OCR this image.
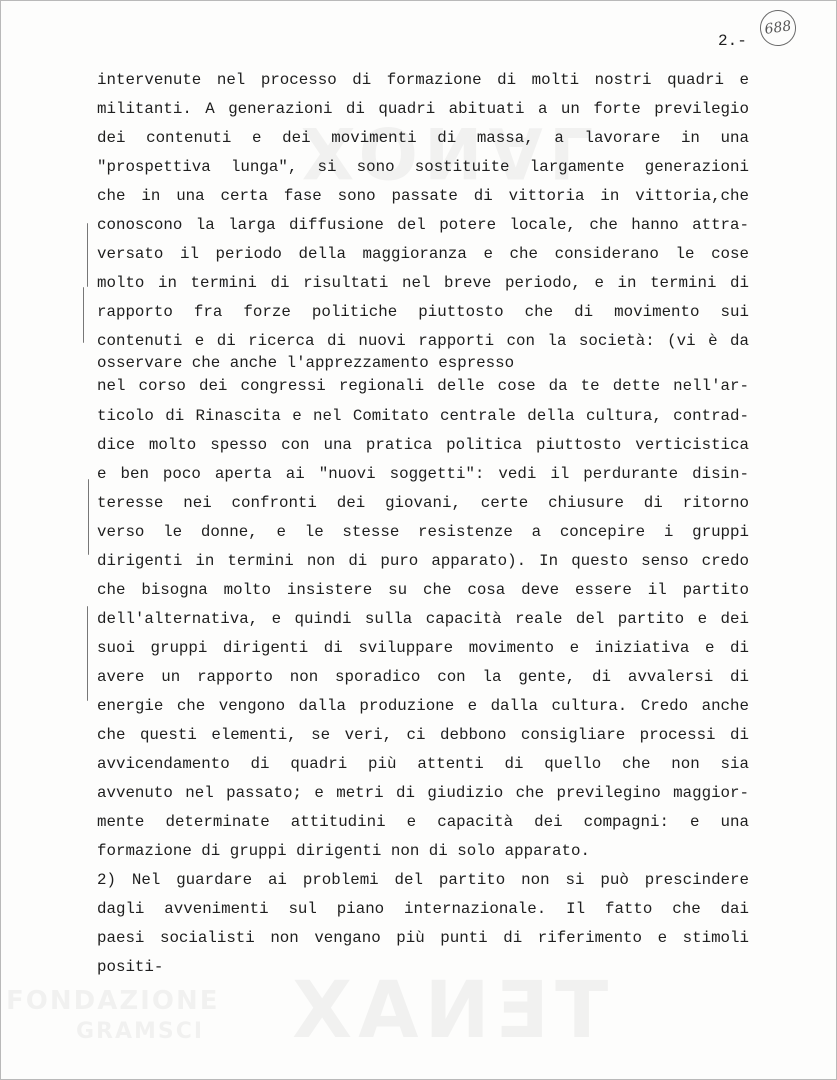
688
2.-
intervenute nel processo di formazione di molti nostri quadri e
militanti. A generazioni di quadri abituati a un forte previlegio
dei contenuti e dei movimenti di massa, a lavorare in una
"prospettiva lunga", si sono sostituite largamente generazioni
che in una certa fase sono passate di vittoria in vittoria,che
conoscono la larga diffusione del potere locale, che hanno attra-
versato il periodo della maggioranza e che considerano le cose
molto in termini di risultati nel breve periodo, e in termini di
rapporto fra forze politiche piuttosto che di movimento sui
contenuti e di ricerca di nuovi rapporti con la società: (vi è da
osservare che anche l'apprezzamento espresso
nel corso dei congressi regionali delle cose da te dette nell'ar-
ticolo di Rinascita e nel Comitato centrale della cultura, contrad-
dice molto spesso con una pratica politica piuttosto verticistica
e ben poco aperta ai "nuovi soggetti": vedi il perdurante disin-
teresse nei confronti dei giovani, certe chiusure di ritorno
verso le donne, e le stesse resistenze a concepire i gruppi
dirigenti in termini non di puro apparato). In questo senso credo
che bisogna molto insistere su che cosa deve essere il partito
dell'alternativa, e quindi sulla capacità reale del partito e dei
suoi gruppi dirigenti di sviluppare movimento e iniziativa e di
avere un rapporto non sporadico con la gente, di avvalersi di
energie che vengono dalla produzione e dalla cultura. Credo anche
che questi elementi, se veri, ci debbono consigliare processi di
avvicendamento di quadri più attenti di quello che non sia
avvenuto nel passato; e metri di giudizio che previlegino maggior-
mente determinate attitudini e capacità dei compagni: e una
formazione di gruppi dirigenti non di solo apparato.
2) Nel guardare ai problemi del partito non si può prescindere
dagli avvenimenti sul piano internazionale. Il fatto che dai
paesi socialisti non vengano più punti di riferimento e stimoli
positi-
